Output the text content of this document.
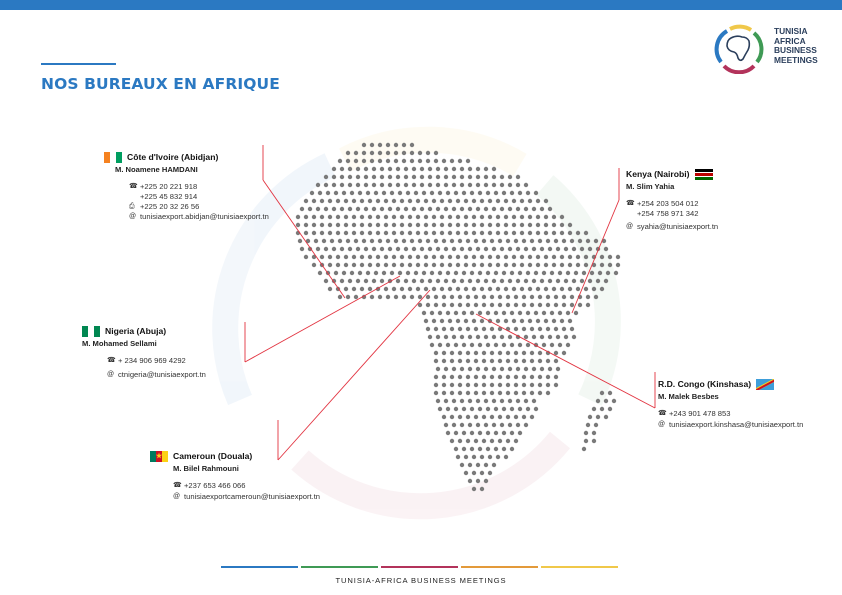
NOS BUREAUX EN AFRIQUE
TUNISIA
AFRICA
BUSINESS
MEETINGS
Côte d'Ivoire (Abidjan)
M. Noamene HAMDANI
☎ +225 20 221 918
+225 45 832 914
⎙ +225 20 32 26 56
@ tunisiaexport.abidjan@tunisiaexport.tn
Nigeria (Abuja)
M. Mohamed Sellami
☎ + 234 906 969 4292
@ ctnigeria@tunisiaexport.tn
★ Cameroun (Douala)
M. Bilel Rahmouni
☎ +237 653 466 066
@ tunisiaexportcameroun@tunisiaexport.tn
Kenya (Nairobi)
M. Slim Yahia
☎ +254 203 504 012
+254 758 971 342
@ syahia@tunisiaexport.tn
R.D. Congo (Kinshasa)
M. Malek Besbes
☎ +243 901 478 853
@ tunisiaexport.kinshasa@tunisiaexport.tn
TUNISIA-AFRICA BUSINESS MEETINGS
